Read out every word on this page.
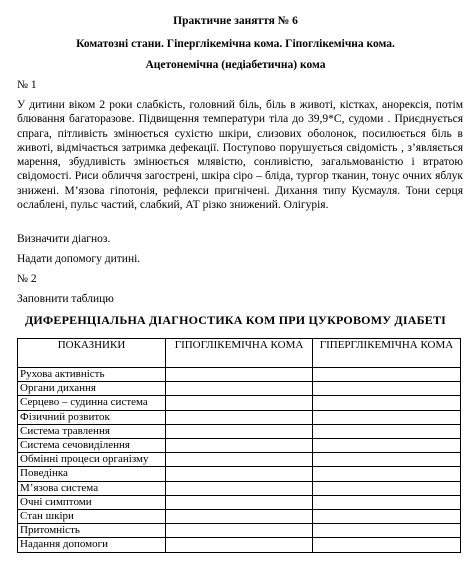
Практичне заняття № 6
Коматозні стани. Гіперглікемічна кома. Гіпоглікемічна кома.
Ацетонемічна (недіабетична) кома
№ 1
У дитини віком 2 роки слабкість, головний біль, біль в животі, кістках, анорексія, потім блювання багаторазове. Підвищення температури тіла до 39,9*С, судоми . Приєднується спрага, пітливість змінюється сухістю шкіри, слизових оболонок, посилюється біль в животі, відмічається затримка дефекації. Поступово порушується свідомість , з’являється марення, збудливість змінюється млявістю, сонливістю, загальмованістю і втратою свідомості. Риси обличчя загострені, шкіра сіро – бліда, тургор тканин, тонус очних яблук знижені. М’язова гіпотонія, рефлекси пригнічені. Дихання типу Кусмауля. Тони серця ослаблені, пульс частий, слабкий, АТ різко знижений. Олігурія.
Визначити діагноз.
Надати допомогу дитині.
№ 2
Заповнити таблицю
ДИФЕРЕНЦІАЛЬНА ДІАГНОСТИКА КОМ ПРИ ЦУКРОВОМУ ДІАБЕТІ
ПОКАЗНИКИ	ГІПОГЛІКЕМІЧНА КОМА	ГІПЕРГЛІКЕМІЧНА КОМА
Рухова активність		
Органи дихання		
Серцево – судинна система		
Фізичний розвиток		
Система травлення		
Система сечовиділення		
Обмінні процеси організму		
Поведінка		
М’язова система		
Очні симптоми		
Стан шкіри		
Притомність		
Надання допомоги		
